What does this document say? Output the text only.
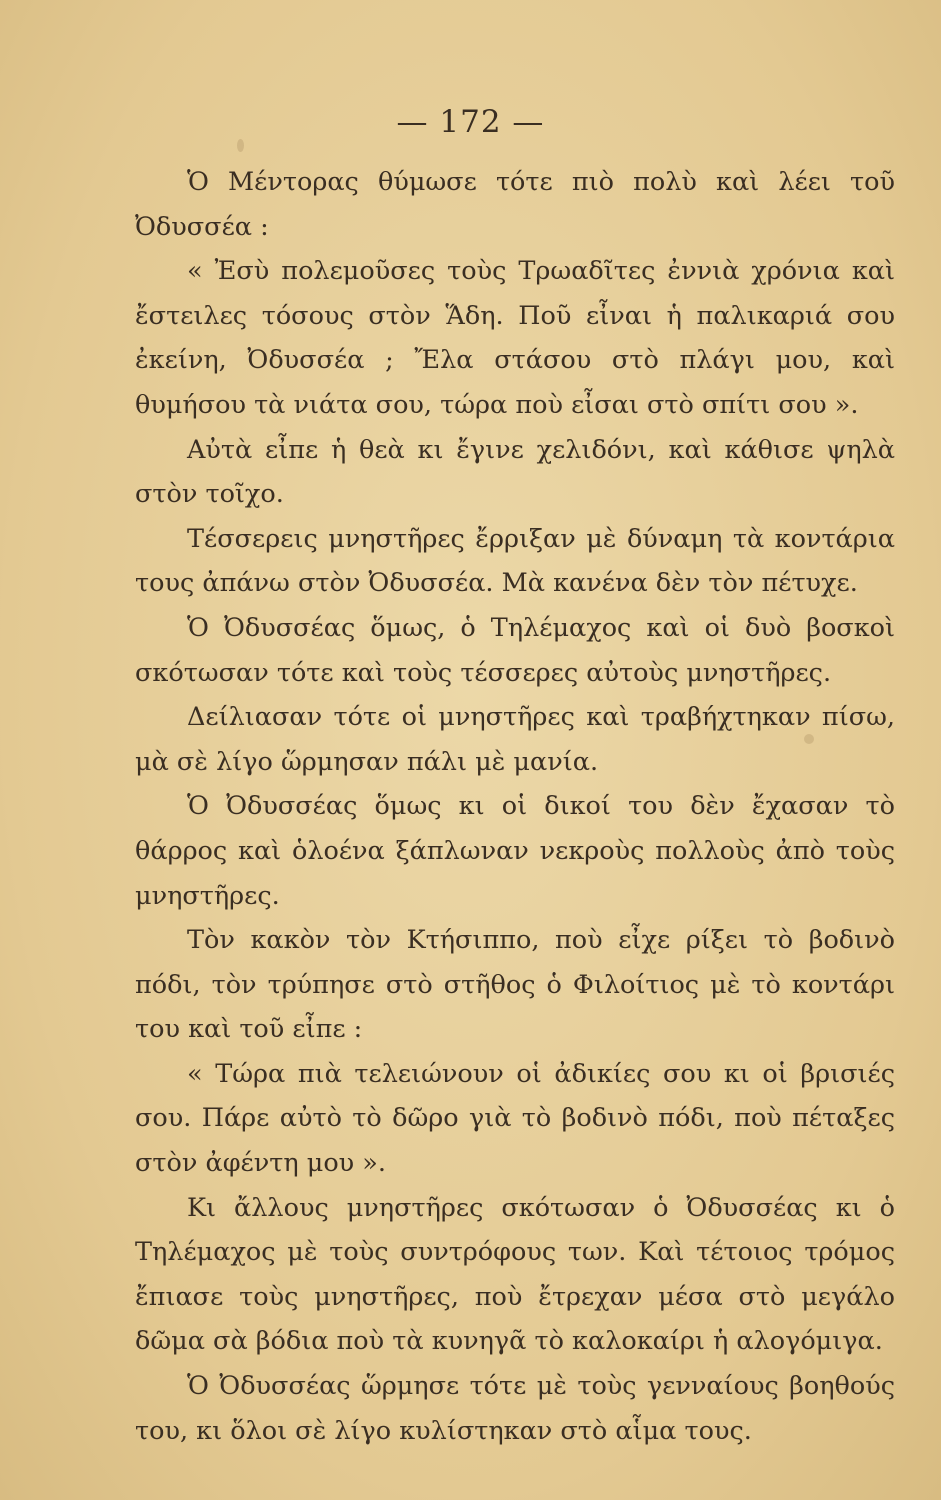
— 172 —

Ὁ Μέντορας θύμωσε τότε πιὸ πολὺ καὶ λέει τοῦ Ὀδυσσέα :

« Ἐσὺ πολεμοῦσες τοὺς Τρωαδῖτες ἐννιὰ χρόνια καὶ ἔστειλες τόσους στὸν Ἅδη. Ποῦ εἶναι ἡ παλικαριά σου ἐκείνη, Ὀδυσσέα ; Ἔλα στάσου στὸ πλάγι μου, καὶ θυμήσου τὰ νιάτα σου, τώρα ποὺ εἶσαι στὸ σπίτι σου ».

Αὐτὰ εἶπε ἡ θεὰ κι ἔγινε χελιδόνι, καὶ κάθισε ψηλὰ στὸν τοῖχο.

Τέσσερεις μνηστῆρες ἔρριξαν μὲ δύναμη τὰ κοντάρια τους ἀπάνω στὸν Ὀδυσσέα. Μὰ κανένα δὲν τὸν πέτυχε.

Ὁ Ὀδυσσέας ὅμως, ὁ Τηλέμαχος καὶ οἱ δυὸ βοσκοὶ σκότωσαν τότε καὶ τοὺς τέσσερες αὐτοὺς μνηστῆρες.

Δείλιασαν τότε οἱ μνηστῆρες καὶ τραβήχτηκαν πίσω, μὰ σὲ λίγο ὥρμησαν πάλι μὲ μανία.

Ὁ Ὀδυσσέας ὅμως κι οἱ δικοί του δὲν ἔχασαν τὸ θάρρος καὶ ὁλοένα ξάπλωναν νεκροὺς πολλοὺς ἀπὸ τοὺς μνηστῆρες.

Τὸν κακὸν τὸν Κτήσιππο, ποὺ εἶχε ρίξει τὸ βοδινὸ πόδι, τὸν τρύπησε στὸ στῆθος ὁ Φιλοίτιος μὲ τὸ κοντάρι του καὶ τοῦ εἶπε :

« Τώρα πιὰ τελειώνουν οἱ ἀδικίες σου κι οἱ βρισιές σου. Πάρε αὐτὸ τὸ δῶρο γιὰ τὸ βοδινὸ πόδι, ποὺ πέταξες στὸν ἀφέντη μου ».

Κι ἄλλους μνηστῆρες σκότωσαν ὁ Ὀδυσσέας κι ὁ Τηλέμαχος μὲ τοὺς συντρόφους των. Καὶ τέτοιος τρόμος ἔπιασε τοὺς μνηστῆρες, ποὺ ἔτρεχαν μέσα στὸ μεγάλο δῶμα σὰ βόδια ποὺ τὰ κυνηγᾶ τὸ καλοκαίρι ἡ αλογόμιγα.

Ὁ Ὀδυσσέας ὥρμησε τότε μὲ τοὺς γενναίους βοηθούς του, κι ὅλοι σὲ λίγο κυλίστηκαν στὸ αἷμα τους.
